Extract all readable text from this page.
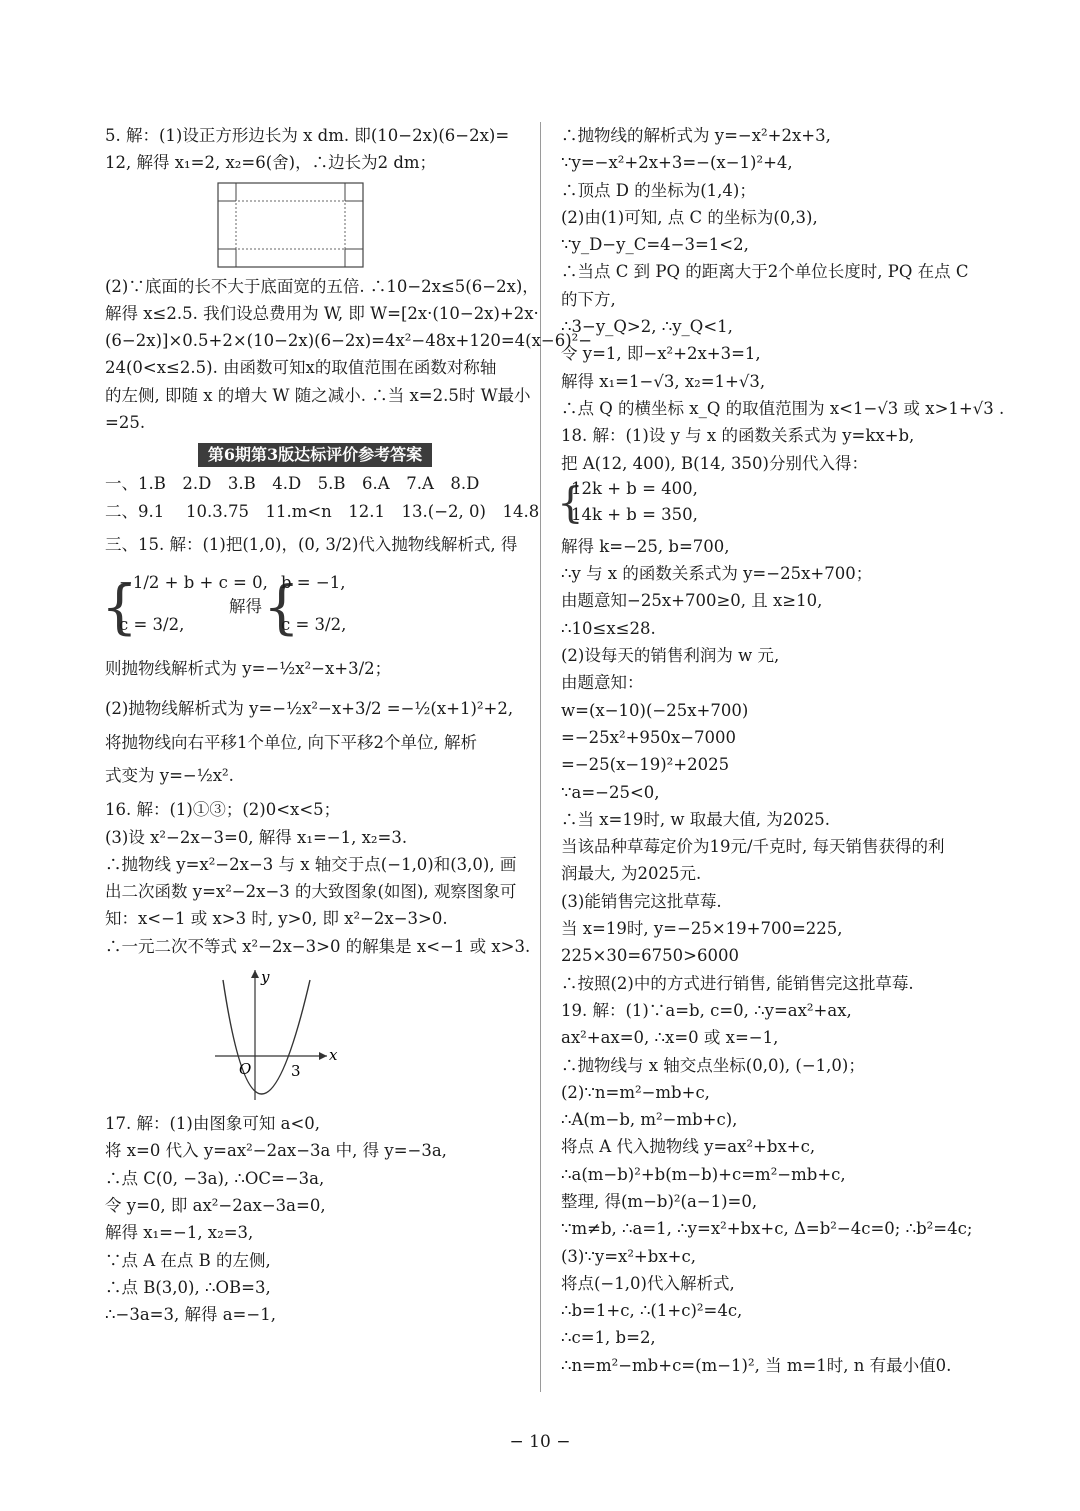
5. 解：(1)设正方形边长为 x dm. 即(10−2x)(6−2x)=
12, 解得 x₁=2, x₂=6(舍)，∴边长为2 dm；
(2)∵底面的长不大于底面宽的五倍. ∴10−2x≤5(6−2x)，
解得 x≤2.5. 我们设总费用为 W, 即 W=[2x·(10−2x)+2x·
(6−2x)]×0.5+2×(10−2x)(6−2x)=4x²−48x+120=4(x−6)²−
24(0<x≤2.5). 由函数可知x的取值范围在函数对称轴
的左侧, 即随 x 的增大 W 随之减小. ∴当 x=2.5时 W最小
=25.
第6期第3版达标评价参考答案
一、1.B　2.D　3.B　4.D　5.B　6.A　7.A　8.D
二、9.1　 10.3.75　11.m<n　12.1　13.(−2, 0)　14.8
三、15. 解：(1)把(1,0)，(0, 3/2)代入抛物线解析式, 得
{
−1/2 + b + c = 0,
c = 3/2,
解得 {
b = −1,
c = 3/2,
则抛物线解析式为 y=−½x²−x+3/2；
(2)抛物线解析式为 y=−½x²−x+3/2 =−½(x+1)²+2,
将抛物线向右平移1个单位, 向下平移2个单位, 解析
式变为 y=−½x².
16. 解：(1)①③；(2)0<x<5；
(3)设 x²−2x−3=0, 解得 x₁=−1, x₂=3.
∴抛物线 y=x²−2x−3 与 x 轴交于点(−1,0)和(3,0), 画
出二次函数 y=x²−2x−3 的大致图象(如图), 观察图象可
知：x<−1 或 x>3 时, y>0, 即 x²−2x−3>0.
∴一元二次不等式 x²−2x−3>0 的解集是 x<−1 或 x>3.
y
x
O	3
17. 解：(1)由图象可知 a<0,
将 x=0 代入 y=ax²−2ax−3a 中, 得 y=−3a,
∴点 C(0, −3a), ∴OC=−3a,
令 y=0, 即 ax²−2ax−3a=0,
解得 x₁=−1, x₂=3,
∵点 A 在点 B 的左侧,
∴点 B(3,0), ∴OB=3,
∴−3a=3, 解得 a=−1,
∴抛物线的解析式为 y=−x²+2x+3,
∵y=−x²+2x+3=−(x−1)²+4,
∴顶点 D 的坐标为(1,4)；
(2)由(1)可知, 点 C 的坐标为(0,3),
∵y_D−y_C=4−3=1<2,
∴当点 C 到 PQ 的距离大于2个单位长度时, PQ 在点 C
的下方,
∴3−y_Q>2, ∴y_Q<1,
令 y=1, 即−x²+2x+3=1,
解得 x₁=1−√3, x₂=1+√3,
∴点 Q 的横坐标 x_Q 的取值范围为 x<1−√3 或 x>1+√3 .
18. 解：(1)设 y 与 x 的函数关系式为 y=kx+b,
把 A(12, 400), B(14, 350)分别代入得：
{
12k + b = 400,
14k + b = 350,
解得 k=−25, b=700,
∴y 与 x 的函数关系式为 y=−25x+700；
由题意知−25x+700≥0, 且 x≥10,
∴10≤x≤28.
(2)设每天的销售利润为 w 元,
由题意知：
w=(x−10)(−25x+700)
=−25x²+950x−7000
=−25(x−19)²+2025
∵a=−25<0,
∴当 x=19时, w 取最大值, 为2025.
当该品种草莓定价为19元/千克时, 每天销售获得的利
润最大, 为2025元.
(3)能销售完这批草莓.
当 x=19时, y=−25×19+700=225,
225×30=6750>6000
∴按照(2)中的方式进行销售, 能销售完这批草莓.
19. 解：(1)∵a=b, c=0, ∴y=ax²+ax,
ax²+ax=0, ∴x=0 或 x=−1,
∴抛物线与 x 轴交点坐标(0,0), (−1,0)；
(2)∵n=m²−mb+c,
∴A(m−b, m²−mb+c),
将点 A 代入抛物线 y=ax²+bx+c,
∴a(m−b)²+b(m−b)+c=m²−mb+c,
整理, 得(m−b)²(a−1)=0,
∵m≠b, ∴a=1, ∴y=x²+bx+c, Δ=b²−4c=0; ∴b²=4c;
(3)∵y=x²+bx+c,
将点(−1,0)代入解析式,
∴b=1+c, ∴(1+c)²=4c,
∴c=1, b=2,
∴n=m²−mb+c=(m−1)², 当 m=1时, n 有最小值0.
− 10 −
